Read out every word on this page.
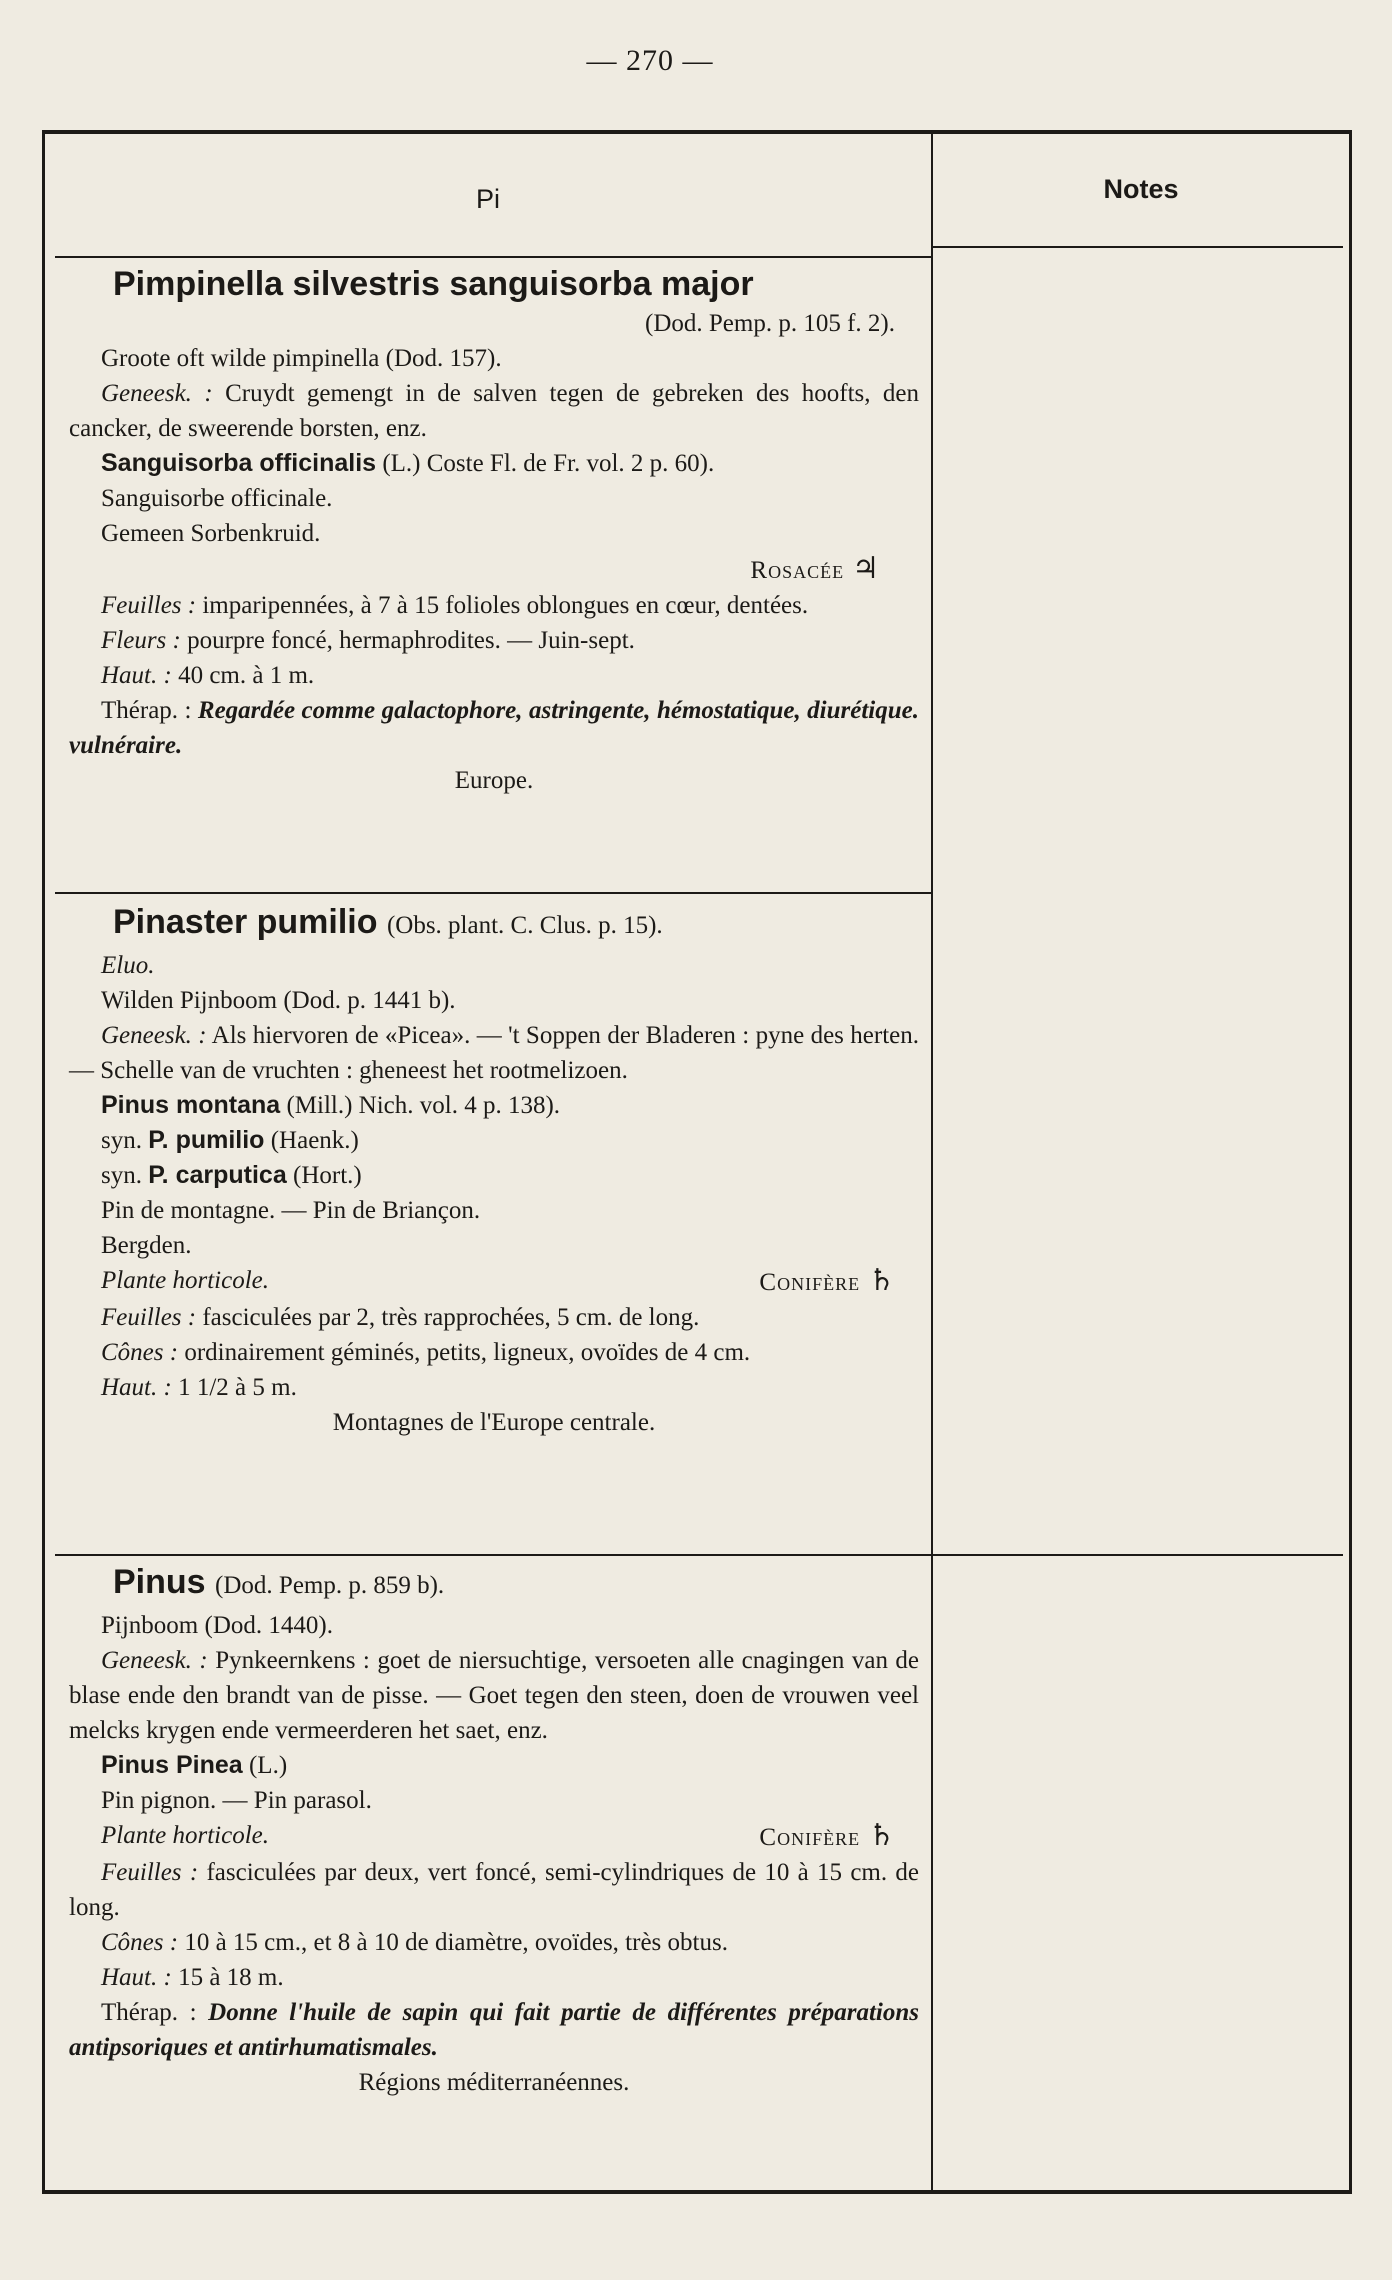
— 270 —
Pi	Notes
Pimpinella silvestris sanguisorba major

(Dod. Pemp. p. 105 f. 2).

Groote oft wilde pimpinella (Dod. 157).

Geneesk. : Cruydt gemengt in de salven tegen de gebreken des hoofts, den cancker, de sweerende borsten, enz.

Sanguisorba officinalis (L.) Coste Fl. de Fr. vol. 2 p. 60).

Sanguisorbe officinale.

Gemeen Sorbenkruid.

Rosacée ♃

Feuilles : imparipennées, à 7 à 15 folioles oblongues en cœur, dentées.

Fleurs : pourpre foncé, hermaphrodites. — Juin-sept.

Haut. : 40 cm. à 1 m.

Thérap. : Regardée comme galactophore, astringente, hémostatique, diurétique. vulnéraire.

Europe.

Pinaster pumilio (Obs. plant. C. Clus. p. 15).

Eluo.

Wilden Pijnboom (Dod. p. 1441 b).

Geneesk. : Als hiervoren de «Picea». — 't Soppen der Bladeren : pyne des herten. — Schelle van de vruchten : gheneest het rootmelizoen.

Pinus montana (Mill.) Nich. vol. 4 p. 138).

syn. P. pumilio (Haenk.)

syn. P. carputica (Hort.)

Pin de montagne. — Pin de Briançon.

Bergden.

Plante horticole.	Conifère ♄

Feuilles : fasciculées par 2, très rapprochées, 5 cm. de long.

Cônes : ordinairement géminés, petits, ligneux, ovoïdes de 4 cm.

Haut. : 1 1/2 à 5 m.

Montagnes de l'Europe centrale.

Pinus (Dod. Pemp. p. 859 b).

Pijnboom (Dod. 1440).

Geneesk. : Pynkeernkens : goet de niersuchtige, versoeten alle cnagingen van de blase ende den brandt van de pisse. — Goet tegen den steen, doen de vrouwen veel melcks krygen ende vermeerderen het saet, enz.

Pinus Pinea (L.)

Pin pignon. — Pin parasol.

Plante horticole.	Conifère ♄

Feuilles : fasciculées par deux, vert foncé, semi-cylindriques de 10 à 15 cm. de long.

Cônes : 10 à 15 cm., et 8 à 10 de diamètre, ovoïdes, très obtus.

Haut. : 15 à 18 m.

Thérap. : Donne l'huile de sapin qui fait partie de différentes préparations antipsoriques et antirhumatismales.

Régions méditerranéennes.
